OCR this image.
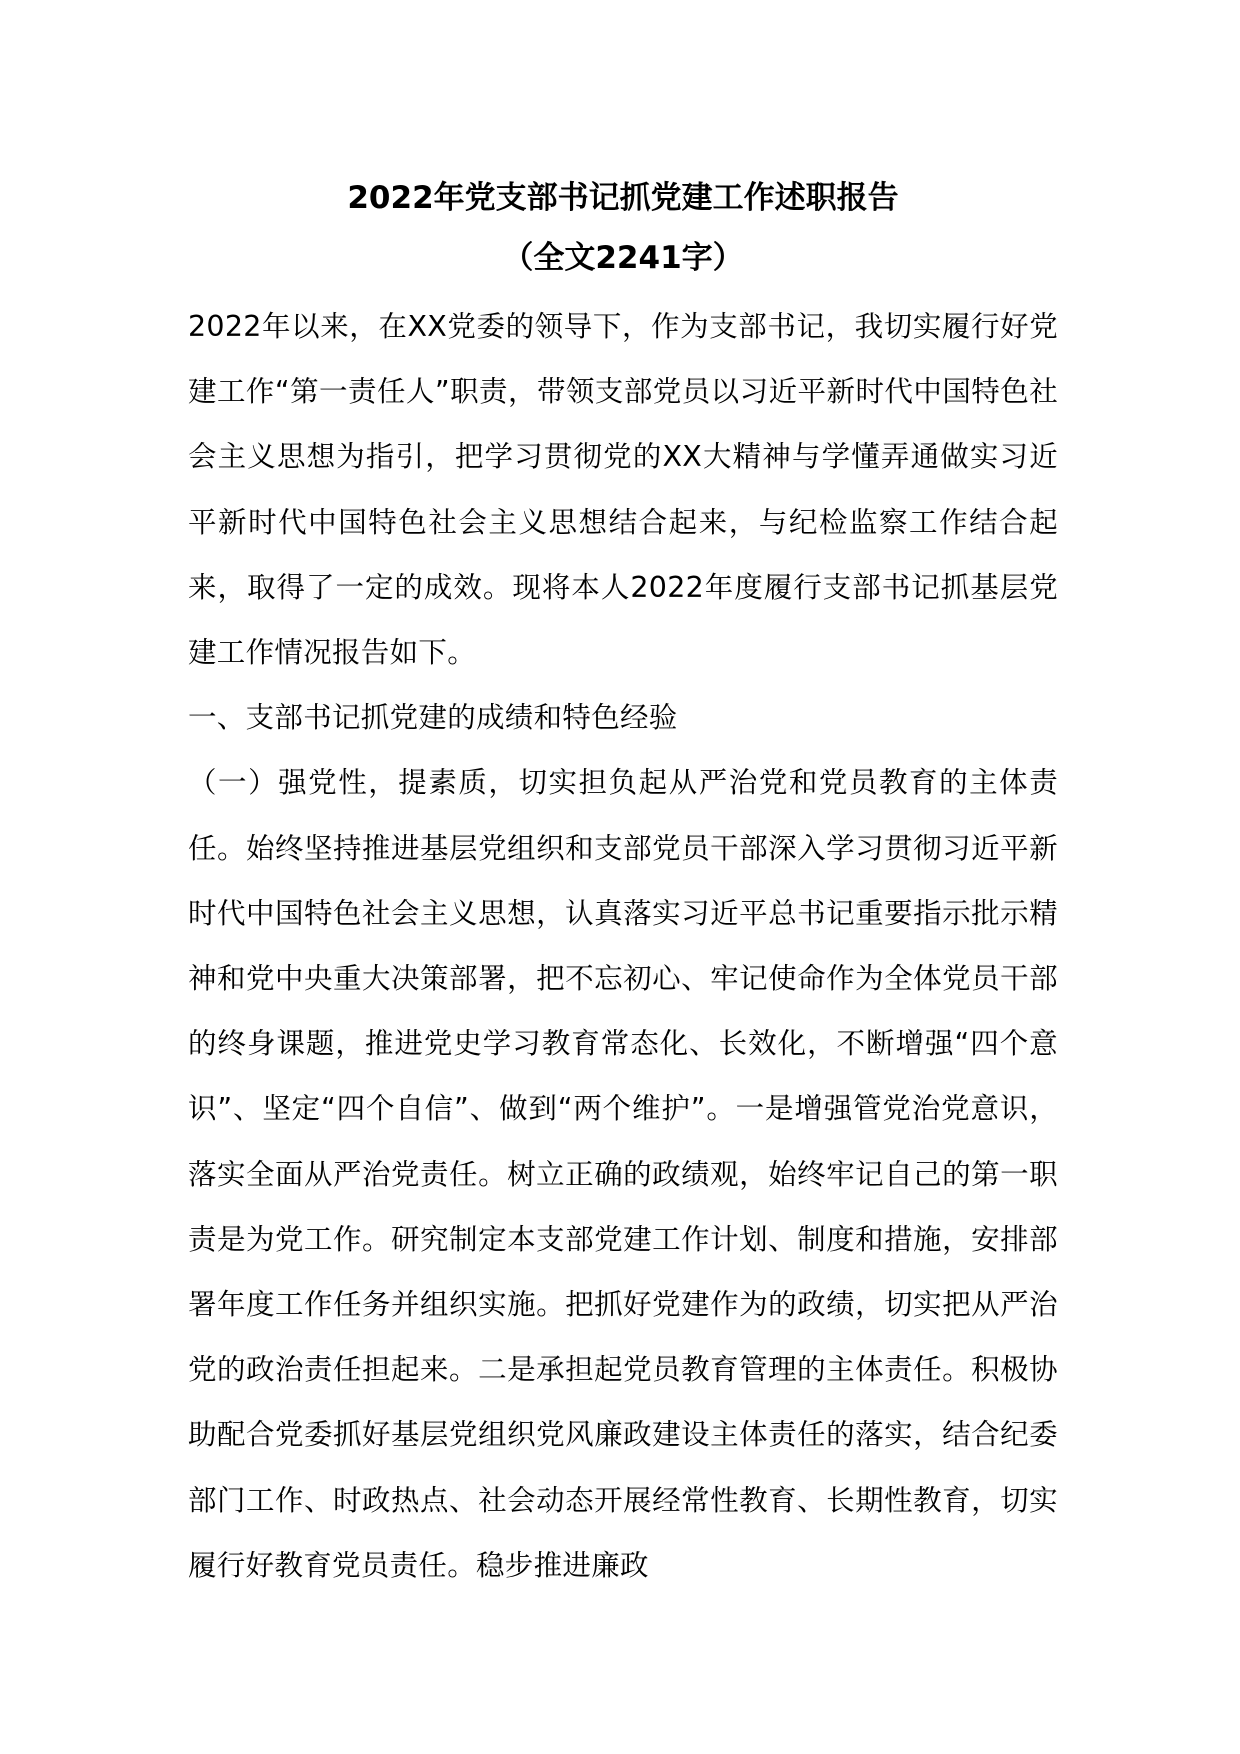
2022年党支部书记抓党建工作述职报告

（全文2241字）

2022年以来，在XX党委的领导下，作为支部书记，我切实履行好党建工作“第一责任人”职责，带领支部党员以习近平新时代中国特色社会主义思想为指引，把学习贯彻党的XX大精神与学懂弄通做实习近平新时代中国特色社会主义思想结合起来，与纪检监察工作结合起来，取得了一定的成效。现将本人2022年度履行支部书记抓基层党建工作情况报告如下。

一、支部书记抓党建的成绩和特色经验

（一）强党性，提素质，切实担负起从严治党和党员教育的主体责任。始终坚持推进基层党组织和支部党员干部深入学习贯彻习近平新时代中国特色社会主义思想，认真落实习近平总书记重要指示批示精神和党中央重大决策部署，把不忘初心、牢记使命作为全体党员干部的终身课题，推进党史学习教育常态化、长效化，不断增强“四个意识”、坚定“四个自信”、做到“两个维护”。一是增强管党治党意识，落实全面从严治党责任。树立正确的政绩观，始终牢记自己的第一职责是为党工作。研究制定本支部党建工作计划、制度和措施，安排部署年度工作任务并组织实施。把抓好党建作为的政绩，切实把从严治党的政治责任担起来。二是承担起党员教育管理的主体责任。积极协助配合党委抓好基层党组织党风廉政建设主体责任的落实，结合纪委部门工作、时政热点、社会动态开展经常性教育、长期性教育，切实履行好教育党员责任。稳步推进廉政
